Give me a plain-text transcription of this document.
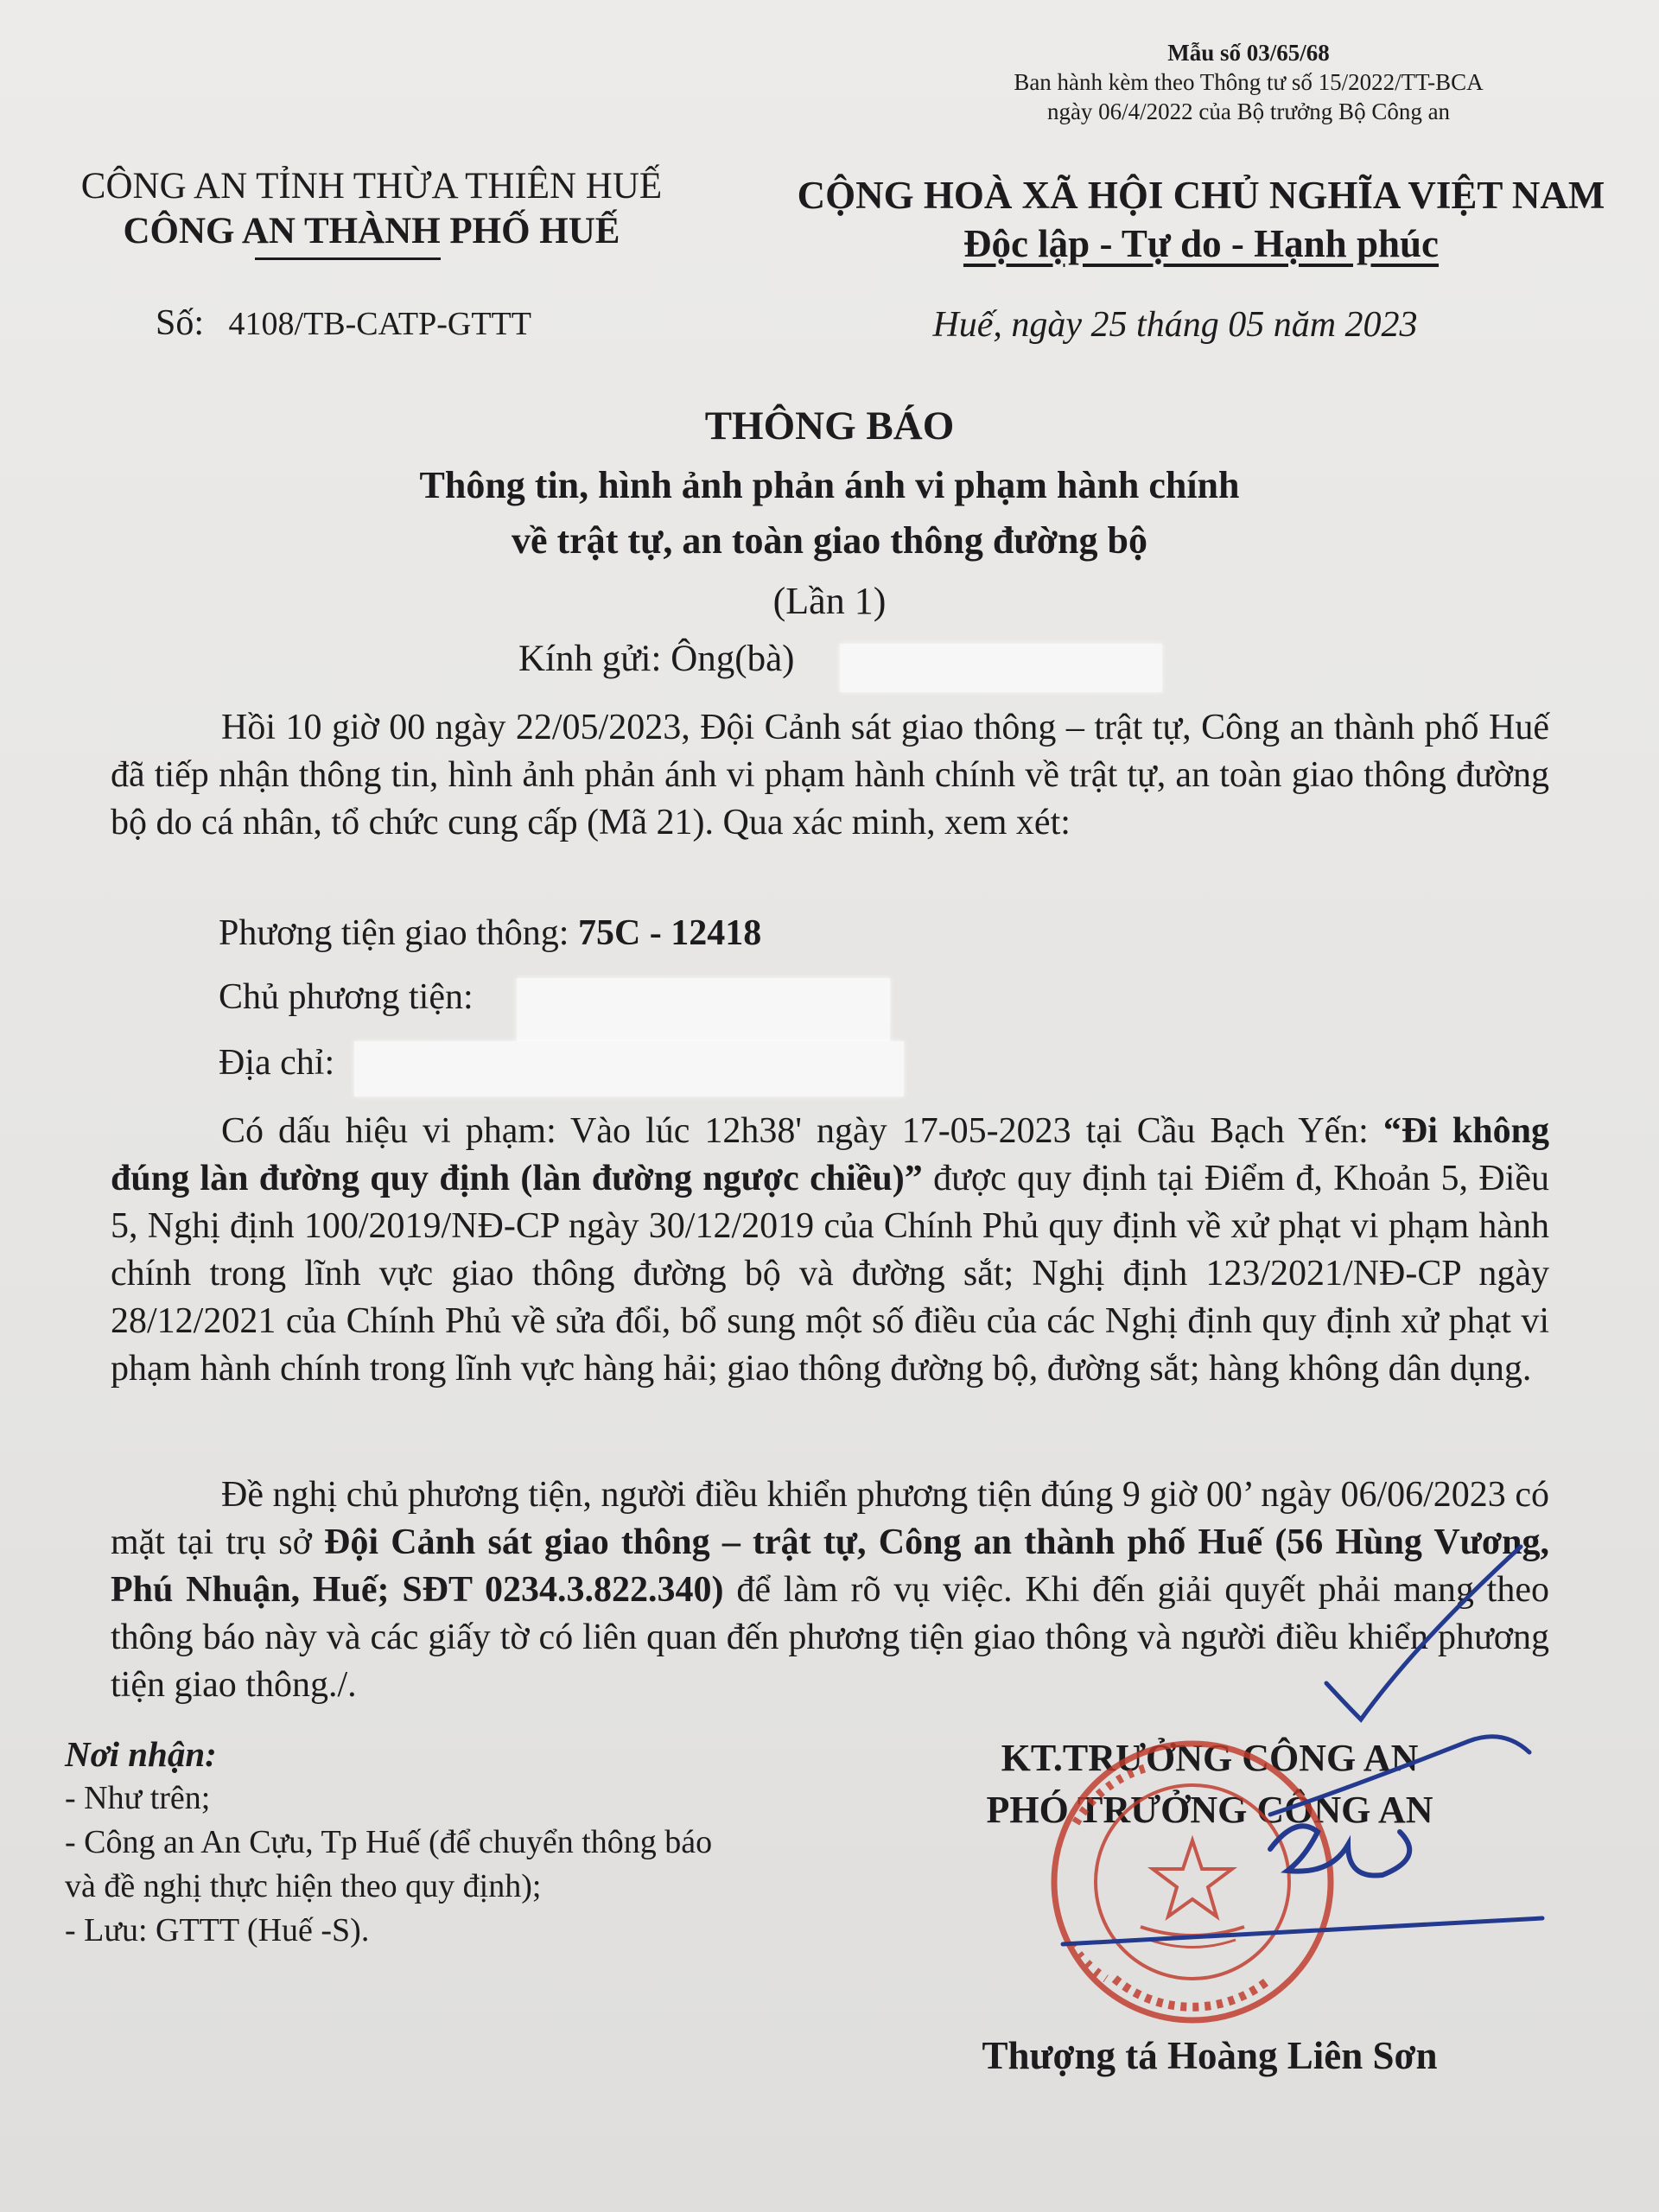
Mẫu số 03/65/68
Ban hành kèm theo Thông tư số 15/2022/TT-BCA
ngày 06/4/2022 của Bộ trưởng Bộ Công an
CÔNG AN TỈNH THỪA THIÊN HUẾ
CÔNG AN THÀNH PHỐ HUẾ
CỘNG HOÀ XÃ HỘI CHỦ NGHĨA VIỆT NAM
Độc lập - Tự do - Hạnh phúc
Số: 4108/TB-CATP-GTTT	Huế, ngày 25 tháng 05 năm 2023
THÔNG BÁO
Thông tin, hình ảnh phản ánh vi phạm hành chính
về trật tự, an toàn giao thông đường bộ
(Lần 1)
Kính gửi: Ông(bà)
Hồi 10 giờ 00 ngày 22/05/2023, Đội Cảnh sát giao thông – trật tự, Công an thành phố Huế đã tiếp nhận thông tin, hình ảnh phản ánh vi phạm hành chính về trật tự, an toàn giao thông đường bộ do cá nhân, tổ chức cung cấp (Mã 21). Qua xác minh, xem xét:
Phương tiện giao thông: 75C - 12418
Chủ phương tiện:
Địa chỉ:
Có dấu hiệu vi phạm: Vào lúc 12h38' ngày 17-05-2023 tại Cầu Bạch Yến: “Đi không đúng làn đường quy định (làn đường ngược chiều)” được quy định tại Điểm đ, Khoản 5, Điều 5, Nghị định 100/2019/NĐ-CP ngày 30/12/2019 của Chính Phủ quy định về xử phạt vi phạm hành chính trong lĩnh vực giao thông đường bộ và đường sắt; Nghị định 123/2021/NĐ-CP ngày 28/12/2021 của Chính Phủ về sửa đổi, bổ sung một số điều của các Nghị định quy định xử phạt vi phạm hành chính trong lĩnh vực hàng hải; giao thông đường bộ, đường sắt; hàng không dân dụng.
Đề nghị chủ phương tiện, người điều khiển phương tiện đúng 9 giờ 00’ ngày 06/06/2023 có mặt tại trụ sở Đội Cảnh sát giao thông – trật tự, Công an thành phố Huế (56 Hùng Vương, Phú Nhuận, Huế; SĐT 0234.3.822.340) để làm rõ vụ việc. Khi đến giải quyết phải mang theo thông báo này và các giấy tờ có liên quan đến phương tiện giao thông và người điều khiển phương tiện giao thông./.
Nơi nhận:
- Như trên;
- Công an An Cựu, Tp Huế (để chuyển thông báo
và đề nghị thực hiện theo quy định);
- Lưu: GTTT (Huế -S).
KT.TRƯỞNG CÔNG AN
PHÓ TRƯỞNG CÔNG AN
Thượng tá Hoàng Liên Sơn
